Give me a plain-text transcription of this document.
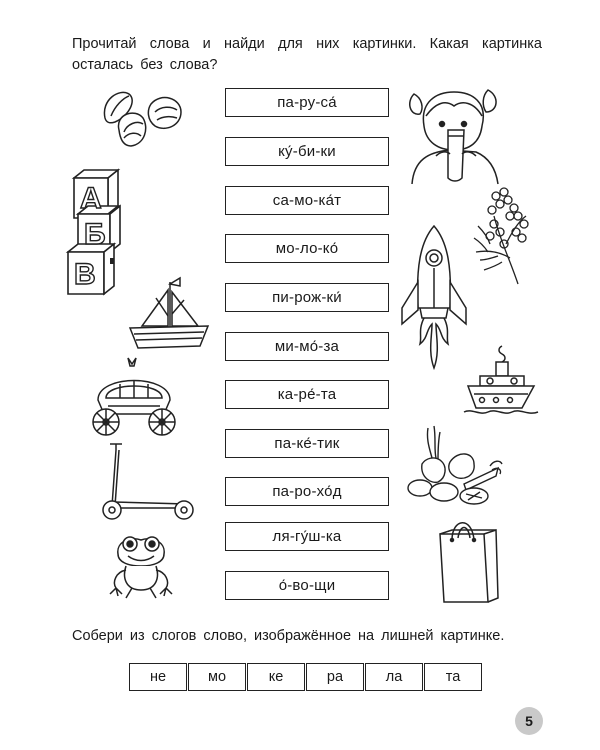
Прочитай слова и найди для них картинки. Какая картинка осталась без слова?
па-ру-са́
ку́-би-ки
са-мо-ка́т
мо-ло-ко́
пи-рож-ки́
ми-мо́-за
ка-ре́-та
па-ке́-тик
па-ро-хо́д
ля-гу́ш-ка
о́-во-щи
А
Б
В
Собери из слогов слово, изображённое на лишней картинке.
не	мо	ке	ра	ла	та
5
